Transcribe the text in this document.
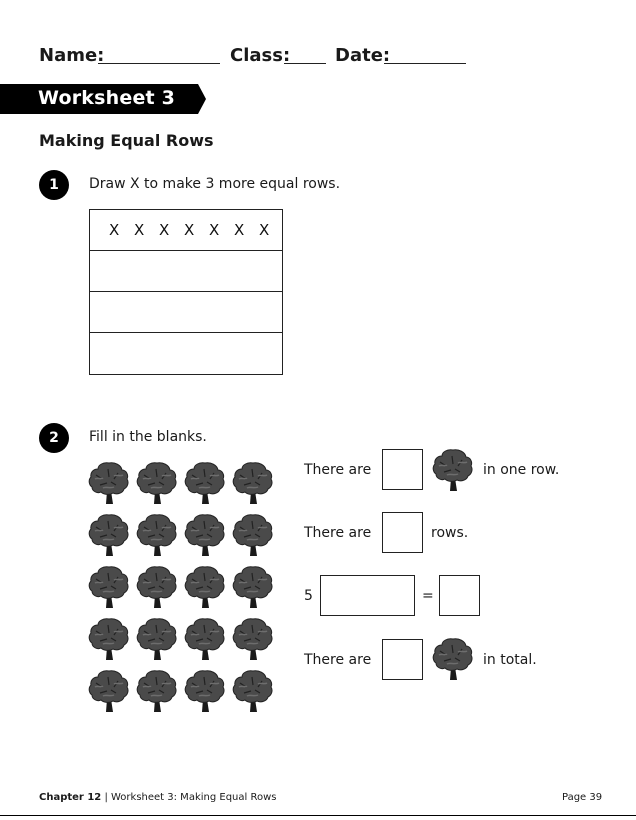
Name:	Class: Date:
Worksheet 3
Making Equal Rows
1	Draw X to make 3 more equal rows.
X X X X X X X
2	Fill in the blanks.
There are	in one row.
There are	rows.
5	=
There are	in total.
Chapter 12 | Worksheet 3: Making Equal Rows	Page 39
